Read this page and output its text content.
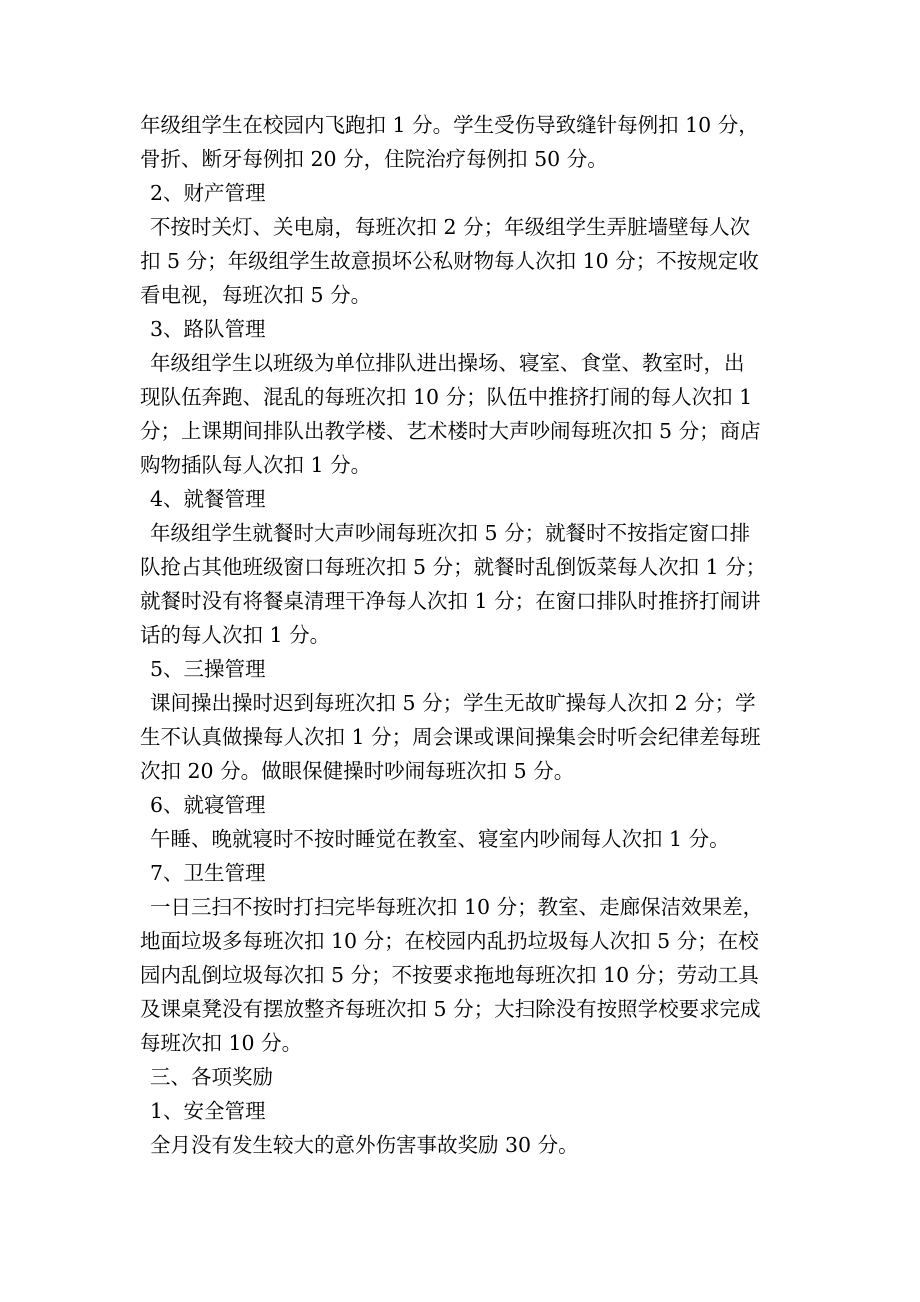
年级组学生在校园内飞跑扣 1 分。学生受伤导致缝针每例扣 10 分，
骨折、断牙每例扣 20 分，住院治疗每例扣 50 分。
2、财产管理
不按时关灯、关电扇，每班次扣 2 分；年级组学生弄脏墙壁每人次
扣 5 分；年级组学生故意损坏公私财物每人次扣 10 分；不按规定收
看电视，每班次扣 5 分。
3、路队管理
年级组学生以班级为单位排队进出操场、寝室、食堂、教室时，出
现队伍奔跑、混乱的每班次扣 10 分；队伍中推挤打闹的每人次扣 1
分；上课期间排队出教学楼、艺术楼时大声吵闹每班次扣 5 分；商店
购物插队每人次扣 1 分。
4、就餐管理
年级组学生就餐时大声吵闹每班次扣 5 分；就餐时不按指定窗口排
队抢占其他班级窗口每班次扣 5 分；就餐时乱倒饭菜每人次扣 1 分；
就餐时没有将餐桌清理干净每人次扣 1 分；在窗口排队时推挤打闹讲
话的每人次扣 1 分。
5、三操管理
课间操出操时迟到每班次扣 5 分；学生无故旷操每人次扣 2 分；学
生不认真做操每人次扣 1 分；周会课或课间操集会时听会纪律差每班
次扣 20 分。做眼保健操时吵闹每班次扣 5 分。
6、就寝管理
午睡、晚就寝时不按时睡觉在教室、寝室内吵闹每人次扣 1 分。
7、卫生管理
一日三扫不按时打扫完毕每班次扣 10 分；教室、走廊保洁效果差，
地面垃圾多每班次扣 10 分；在校园内乱扔垃圾每人次扣 5 分；在校
园内乱倒垃圾每次扣 5 分；不按要求拖地每班次扣 10 分；劳动工具
及课桌凳没有摆放整齐每班次扣 5 分；大扫除没有按照学校要求完成
每班次扣 10 分。
三、各项奖励
1、安全管理
全月没有发生较大的意外伤害事故奖励 30 分。
